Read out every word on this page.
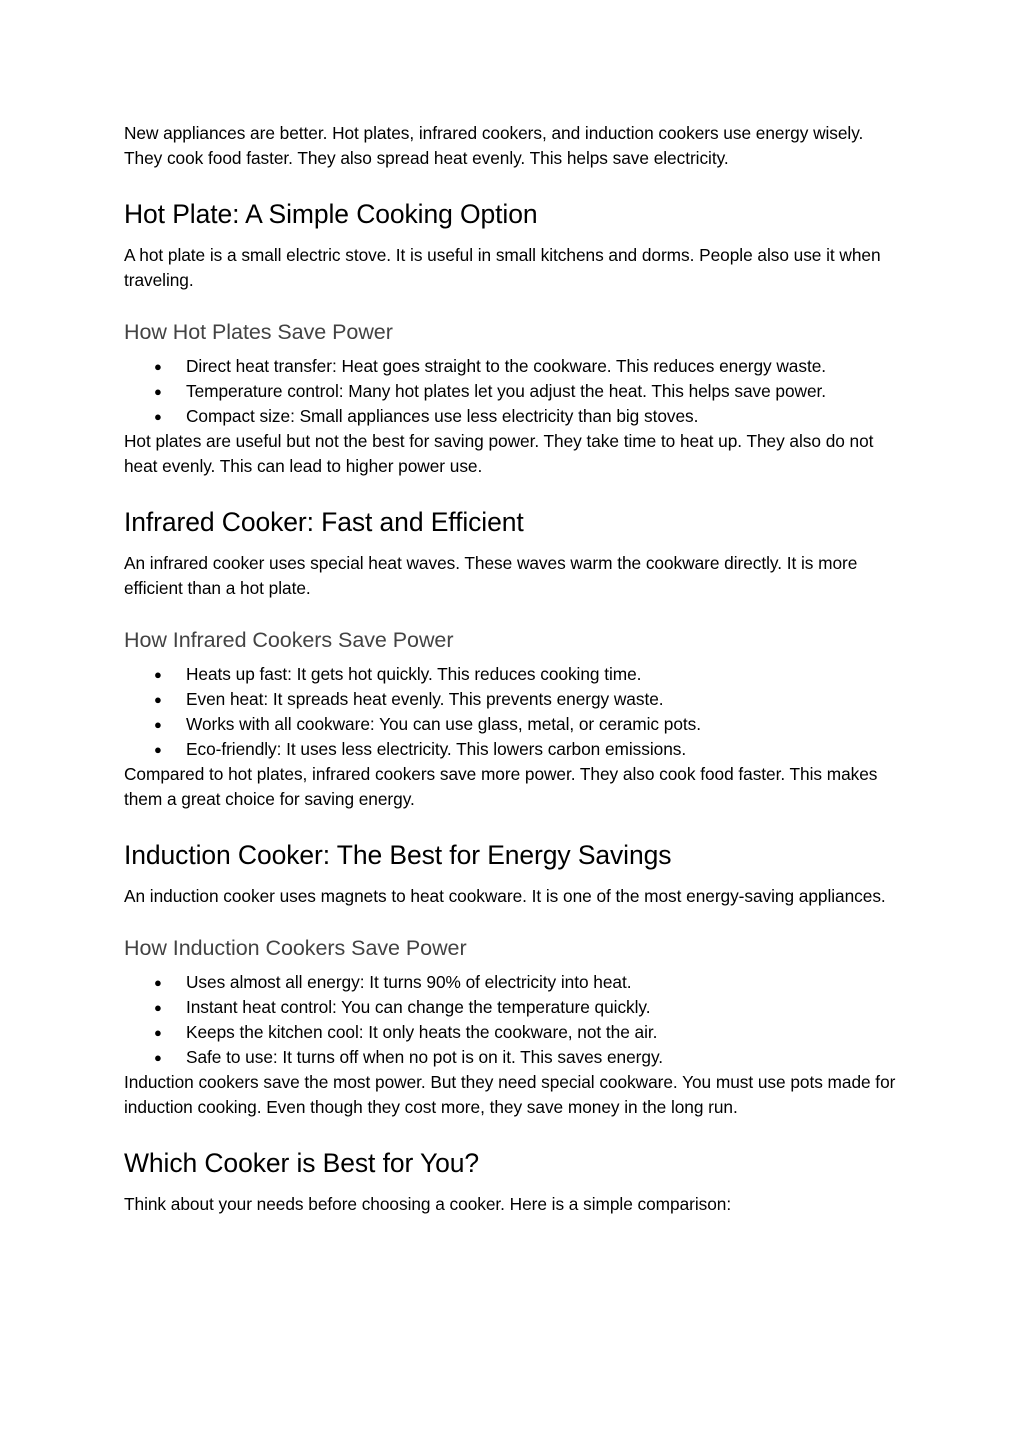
New appliances are better. Hot plates, infrared cookers, and induction cookers use energy wisely. They cook food faster. They also spread heat evenly. This helps save electricity.

Hot Plate: A Simple Cooking Option

A hot plate is a small electric stove. It is useful in small kitchens and dorms. People also use it when traveling.

How Hot Plates Save Power
● Direct heat transfer: Heat goes straight to the cookware. This reduces energy waste.
● Temperature control: Many hot plates let you adjust the heat. This helps save power.
● Compact size: Small appliances use less electricity than big stoves.

Hot plates are useful but not the best for saving power. They take time to heat up. They also do not heat evenly. This can lead to higher power use.

Infrared Cooker: Fast and Efficient

An infrared cooker uses special heat waves. These waves warm the cookware directly. It is more efficient than a hot plate.

How Infrared Cookers Save Power
● Heats up fast: It gets hot quickly. This reduces cooking time.
● Even heat: It spreads heat evenly. This prevents energy waste.
● Works with all cookware: You can use glass, metal, or ceramic pots.
● Eco-friendly: It uses less electricity. This lowers carbon emissions.

Compared to hot plates, infrared cookers save more power. They also cook food faster. This makes them a great choice for saving energy.

Induction Cooker: The Best for Energy Savings

An induction cooker uses magnets to heat cookware. It is one of the most energy-saving appliances.

How Induction Cookers Save Power
● Uses almost all energy: It turns 90% of electricity into heat.
● Instant heat control: You can change the temperature quickly.
● Keeps the kitchen cool: It only heats the cookware, not the air.
● Safe to use: It turns off when no pot is on it. This saves energy.

Induction cookers save the most power. But they need special cookware. You must use pots made for induction cooking. Even though they cost more, they save money in the long run.

Which Cooker is Best for You?

Think about your needs before choosing a cooker. Here is a simple comparison:
